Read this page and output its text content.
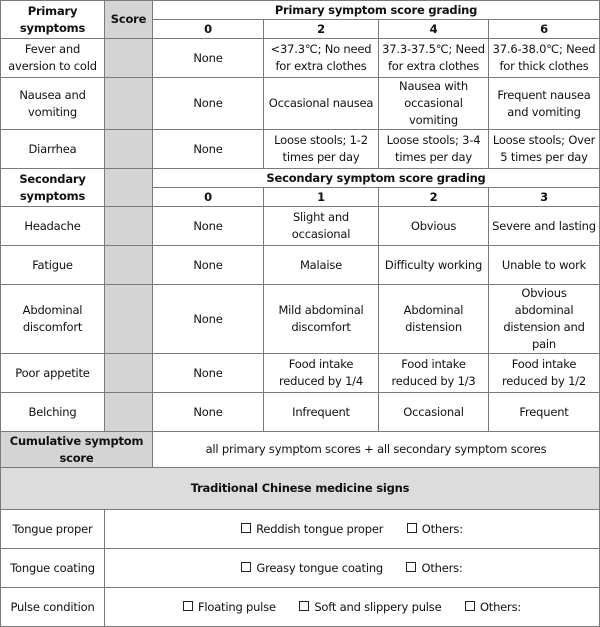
Primary symptoms	Score	Primary symptom score grading			
		0	2	4	6
Fever and aversion to cold		None	<37.3℃; No need for extra clothes	37.3-37.5℃; Need for extra clothes	37.6-38.0℃; Need for thick clothes
Nausea and vomiting		None	Occasional nausea	Nausea with occasional vomiting	Frequent nausea and vomiting
Diarrhea		None	Loose stools; 1-2 times per day	Loose stools; 3-4 times per day	Loose stools; Over 5 times per day
Secondary symptoms		Secondary symptom score grading			
		0	1	2	3
Headache		None	Slight and occasional	Obvious	Severe and lasting
Fatigue		None	Malaise	Difficulty working	Unable to work
Abdominal discomfort		None	Mild abdominal discomfort	Abdominal distension	Obvious abdominal distension and pain
Poor appetite		None	Food intake reduced by 1/4	Food intake reduced by 1/3	Food intake reduced by 1/2
Belching		None	Infrequent	Occasional	Frequent
Cumulative symptom score		all primary symptom scores + all secondary symptom scores			
Traditional Chinese medicine signs					
Tongue proper	Reddish tongue proper Others:				
Tongue coating	Greasy tongue coating Others:				
Pulse condition	Floating pulse Soft and slippery pulse Others:				
